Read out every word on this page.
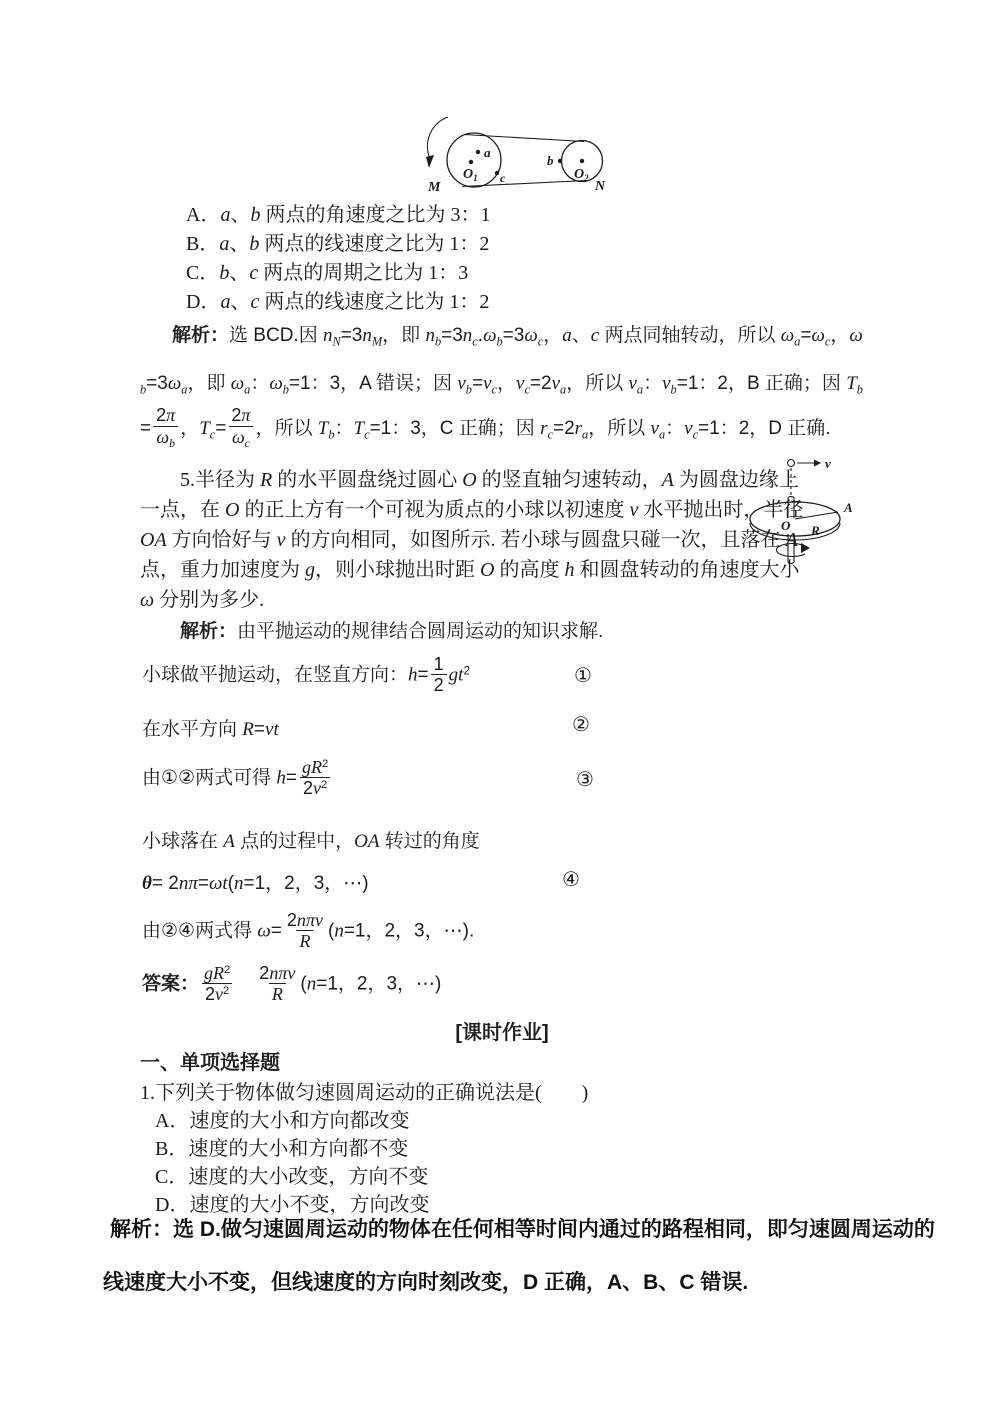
a
$O_1$ c
b
$O_2$
M	N
A．a、b 两点的角速度之比为 3：1
B．a、b 两点的线速度之比为 1：2
C．b、c 两点的周期之比为 1：3
D．a、c 两点的线速度之比为 1：2
解析：选 BCD.因 $n_N=3n_M$，即 $n_b=3n_c.\omega_b=3\omega_c$，a、c 两点同轴转动，所以 $\omega_a=\omega_c$，ω
$_b=3\omega_a$，即 $\omega_a$：$\omega_b=1$：3，A 错误；因 $v_b=v_c$，$v_c=2v_a$，所以 $v_a$：$v_b=1$：2，B 正确；因 $T_b$
= $\frac{2\pi}{\omega_b}$ ，$T_c= \frac{2\pi}{\omega_c}$ ，所以 $T_b$：$T_c=1$：3，C 正确；因 $r_c=2r_a$，所以 $v_a$：$v_c=1$：2，D 正确.
5.半径为 R 的水平圆盘绕过圆心 O 的竖直轴匀速转动，A 为圆盘边缘上
一点，在 O 的正上方有一个可视为质点的小球以初速度 v 水平抛出时，半径
OA 方向恰好与 v 的方向相同，如图所示. 若小球与圆盘只碰一次，且落在 A
点，重力加速度为 g，则小球抛出时距 O 的高度 h 和圆盘转动的角速度大小
ω 分别为多少.
v
O R
A
解析：由平抛运动的规律结合圆周运动的知识求解.
小球做平抛运动，在竖直方向：$h= \frac{1}{2} gt^2$	①
在水平方向 R=vt	②
由①②两式可得 $h= \frac{gR^2}{2v^2}$	③
小球落在 A 点的过程中，OA 转过的角度
θ= 2nπ=ωt(n=1，2，3，⋯)	④
由②④两式得 $\omega= \frac{\text{2nπv}}{R} (n=1$，2，3，⋯).
答案： $\frac{gR^2}{2v^2}$
　 $\frac{\text{2nπv}}{R} (n=1$，2，3，⋯)
[课时作业]
一、单项选择题
1.下列关于物体做匀速圆周运动的正确说法是(　　)
A．速度的大小和方向都改变
B．速度的大小和方向都不变
C．速度的大小改变，方向不变
D．速度的大小不变，方向改变
解析：选 D.做匀速圆周运动的物体在任何相等时间内通过的路程相同，即匀速圆周运动的
线速度大小不变，但线速度的方向时刻改变，D 正确，A、B、C 错误.
